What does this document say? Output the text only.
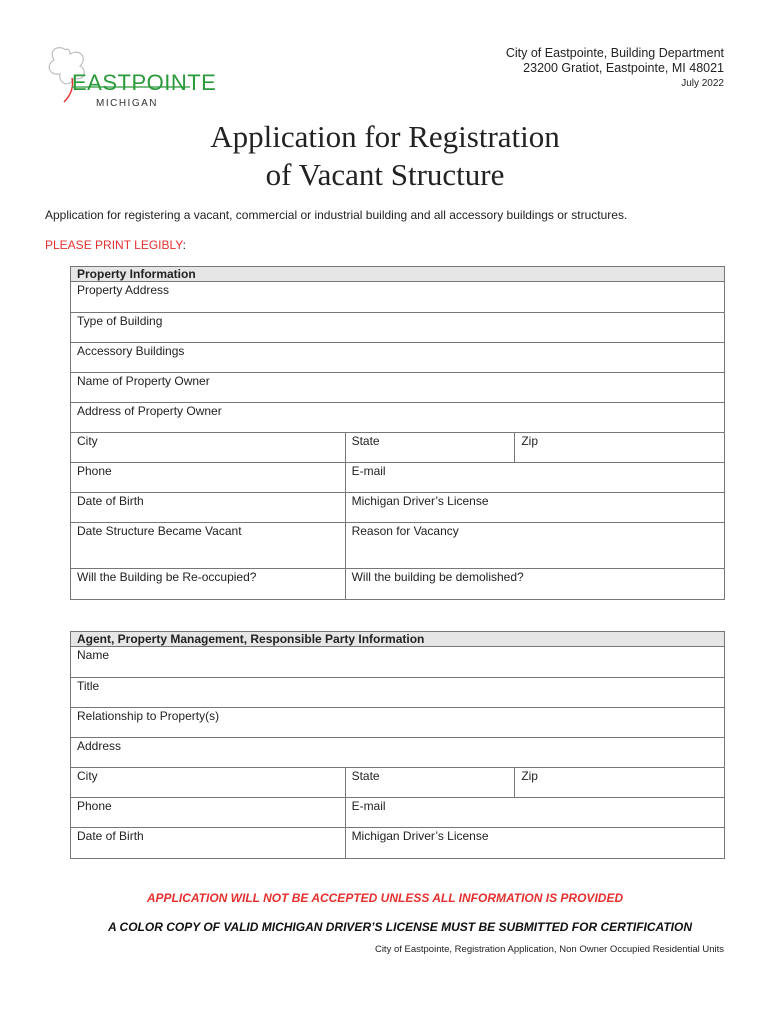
EASTPOINTE
MICHIGAN
City of Eastpointe, Building Department
23200 Gratiot, Eastpointe, MI 48021
July 2022
Application for Registration
of Vacant Structure
Application for registering a vacant, commercial or industrial building and all accessory buildings or structures.
PLEASE PRINT LEGIBLY:
Property Information		

Property Address		

Type of Building		

Accessory Buildings		

Name of Property Owner		

Address of Property Owner		

City	State	Zip

Phone	E-mail	

Date of Birth	Michigan Driver’s License	

Date Structure Became Vacant	Reason for Vacancy	

Will the Building be Re-occupied?	Will the building be demolished?	
Agent, Property Management, Responsible Party Information		

Name		

Title		

Relationship to Property(s)		

Address		

City	State	Zip

Phone	E-mail	

Date of Birth	Michigan Driver’s License	
APPLICATION WILL NOT BE ACCEPTED UNLESS ALL INFORMATION IS PROVIDED
A COLOR COPY OF VALID MICHIGAN DRIVER’S LICENSE MUST BE SUBMITTED FOR CERTIFICATION
City of Eastpointe, Registration Application, Non Owner Occupied Residential Units
